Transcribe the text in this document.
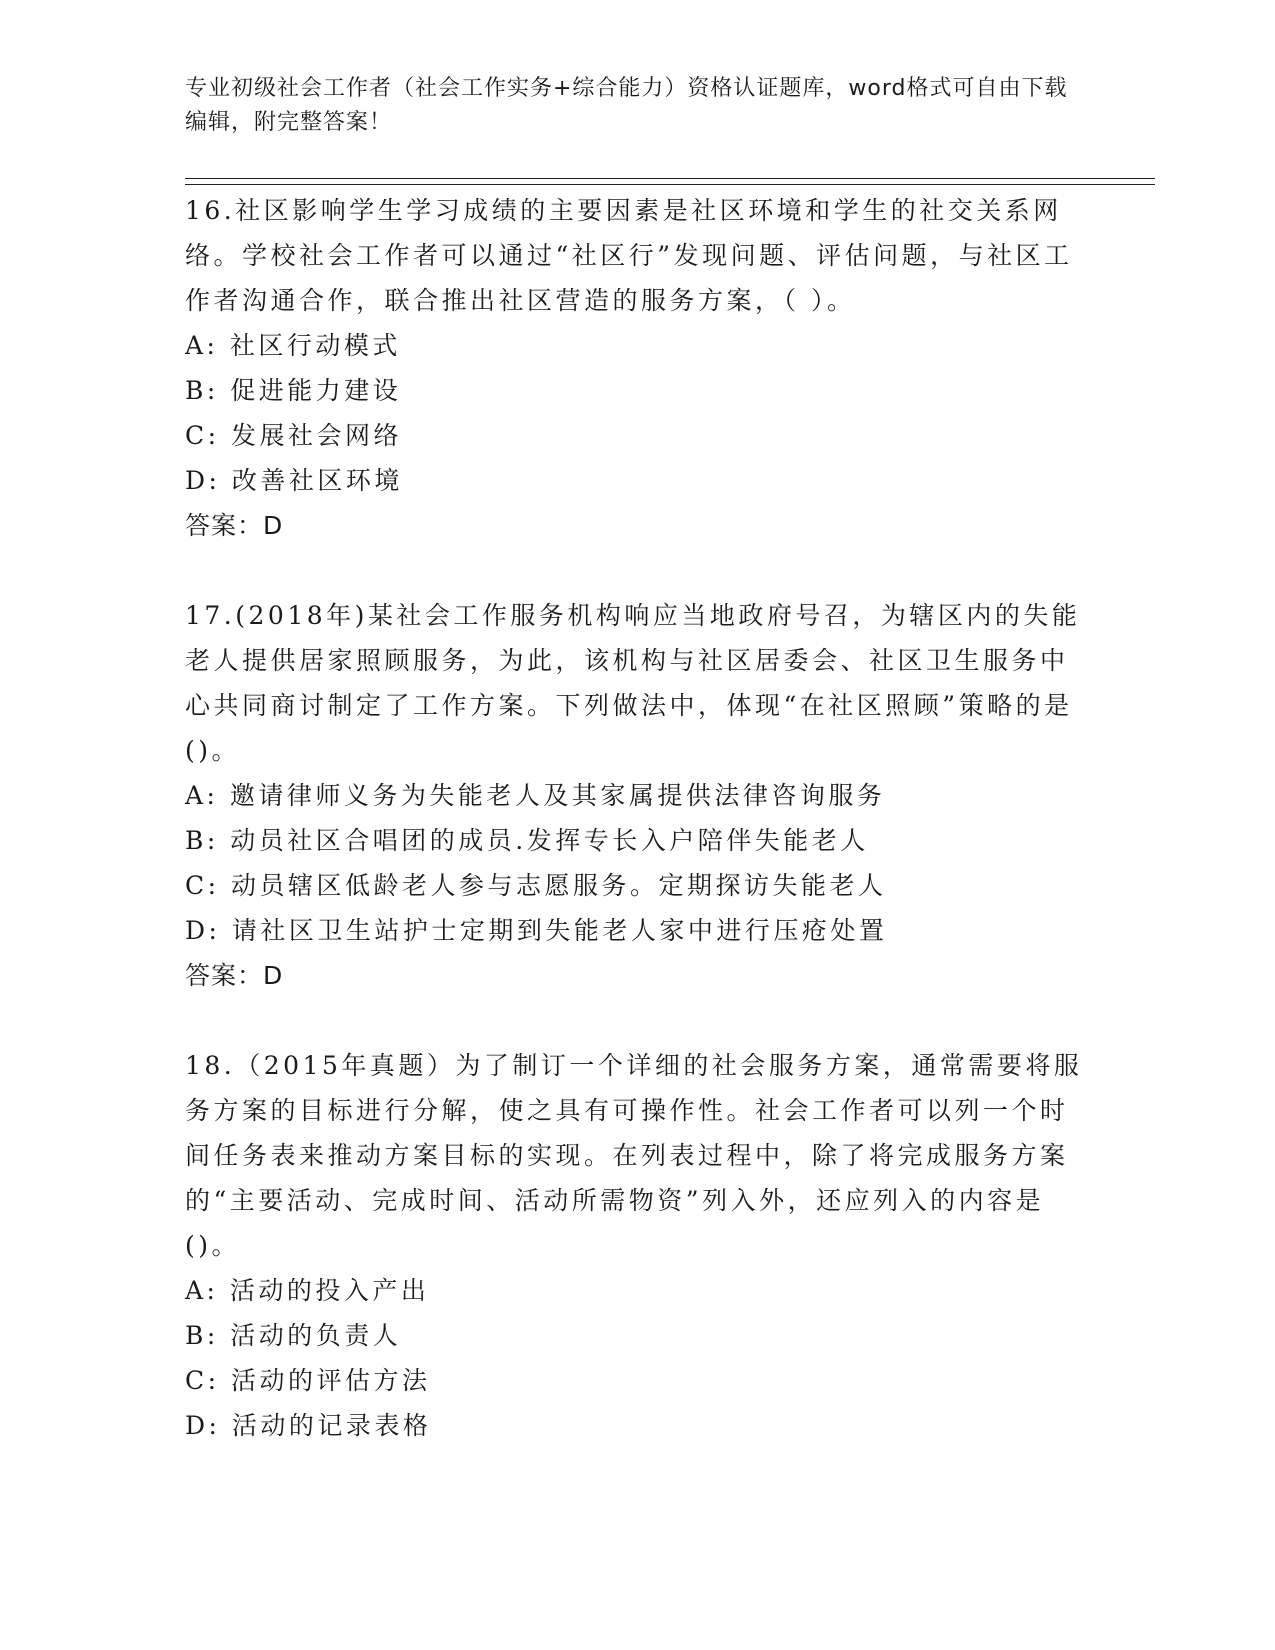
专业初级社会工作者（社会工作实务+综合能力）资格认证题库，word格式可自由下载编辑，附完整答案！
16.社区影响学生学习成绩的主要因素是社区环境和学生的社交关系网络。学校社会工作者可以通过“社区行”发现问题、评估问题，与社区工作者沟通合作，联合推出社区营造的服务方案，（ ）。
A: 社区行动模式
B: 促进能力建设
C: 发展社会网络
D: 改善社区环境
答案：D
17.(2018年)某社会工作服务机构响应当地政府号召，为辖区内的失能老人提供居家照顾服务，为此，该机构与社区居委会、社区卫生服务中心共同商讨制定了工作方案。下列做法中，体现“在社区照顾”策略的是()。
A: 邀请律师义务为失能老人及其家属提供法律咨询服务
B: 动员社区合唱团的成员.发挥专长入户陪伴失能老人
C: 动员辖区低龄老人参与志愿服务。定期探访失能老人
D: 请社区卫生站护士定期到失能老人家中进行压疮处置
答案：D
18.（2015年真题）为了制订一个详细的社会服务方案，通常需要将服务方案的目标进行分解，使之具有可操作性。社会工作者可以列一个时间任务表来推动方案目标的实现。在列表过程中，除了将完成服务方案的“主要活动、完成时间、活动所需物资”列入外，还应列入的内容是()。
A: 活动的投入产出
B: 活动的负责人
C: 活动的评估方法
D: 活动的记录表格
